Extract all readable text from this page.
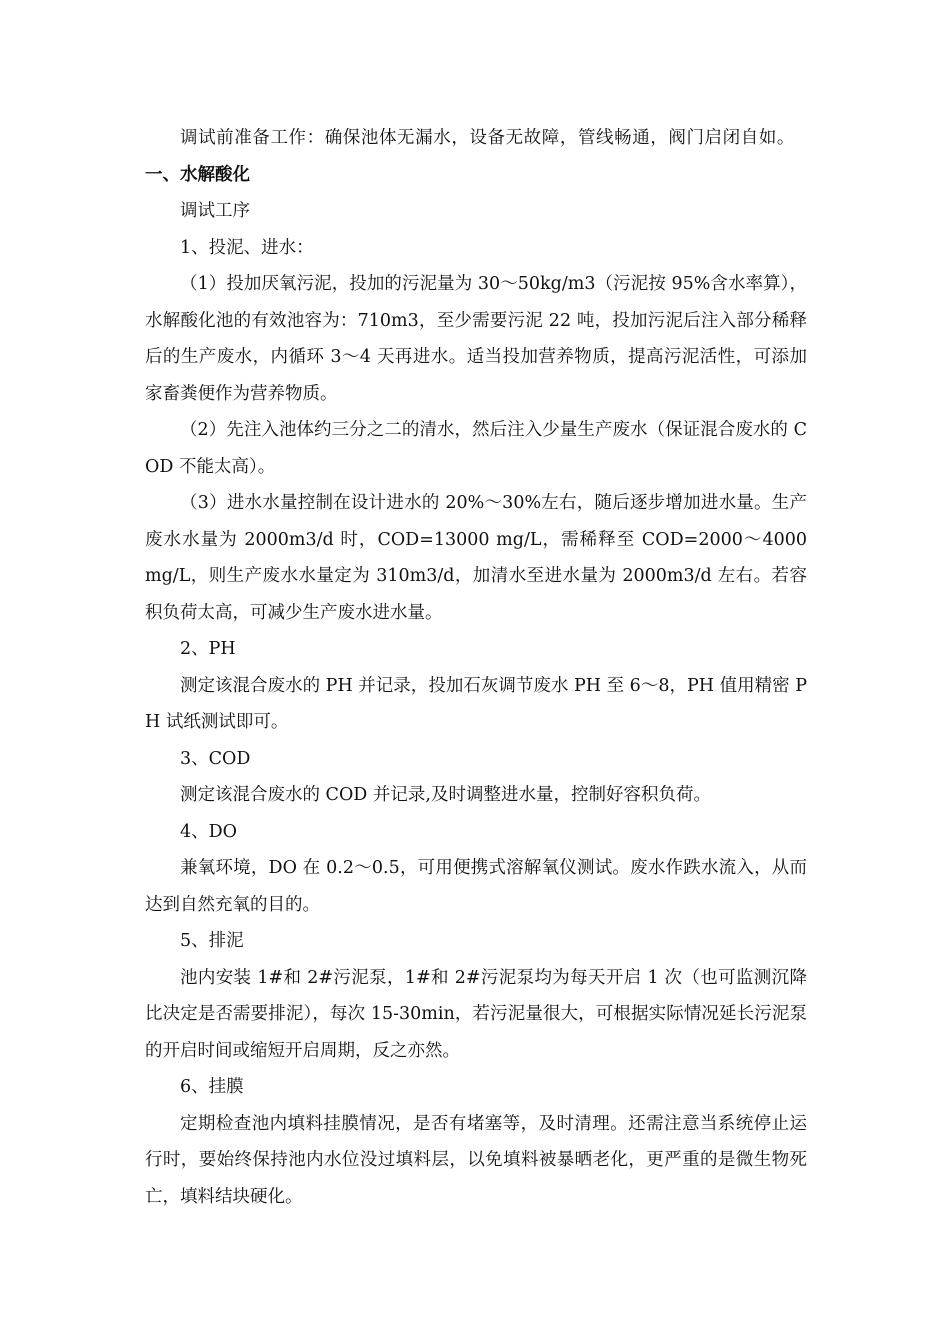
调试前准备工作：确保池体无漏水，设备无故障，管线畅通，阀门启闭自如。一、水解酸化

调试工序

1、投泥、进水：

（1）投加厌氧污泥，投加的污泥量为 30～50kg/m3（污泥按 95%含水率算），水解酸化池的有效池容为：710m3，至少需要污泥 22 吨，投加污泥后注入部分稀释后的生产废水，内循环 3～4 天再进水。适当投加营养物质，提高污泥活性，可添加家畜粪便作为营养物质。

（2）先注入池体约三分之二的清水，然后注入少量生产废水（保证混合废水的 COD 不能太高）。

（3）进水水量控制在设计进水的 20%～30%左右，随后逐步增加进水量。生产废水水量为 2000m3/d 时，COD=13000 mg/L，需稀释至 COD=2000～4000 mg/L，则生产废水水量定为 310m3/d，加清水至进水量为 2000m3/d 左右。若容积负荷太高，可减少生产废水进水量。

2、PH

测定该混合废水的 PH 并记录，投加石灰调节废水 PH 至 6～8，PH 值用精密 PH 试纸测试即可。

3、COD

测定该混合废水的 COD 并记录,及时调整进水量，控制好容积负荷。

4、DO

兼氧环境，DO 在 0.2～0.5，可用便携式溶解氧仪测试。废水作跌水流入，从而达到自然充氧的目的。

5、排泥

池内安装 1#和 2#污泥泵，1#和 2#污泥泵均为每天开启 1 次（也可监测沉降比决定是否需要排泥），每次 15-30min，若污泥量很大，可根据实际情况延长污泥泵的开启时间或缩短开启周期，反之亦然。

6、挂膜

定期检查池内填料挂膜情况，是否有堵塞等，及时清理。还需注意当系统停止运行时，要始终保持池内水位没过填料层，以免填料被暴晒老化，更严重的是微生物死亡，填料结块硬化。
